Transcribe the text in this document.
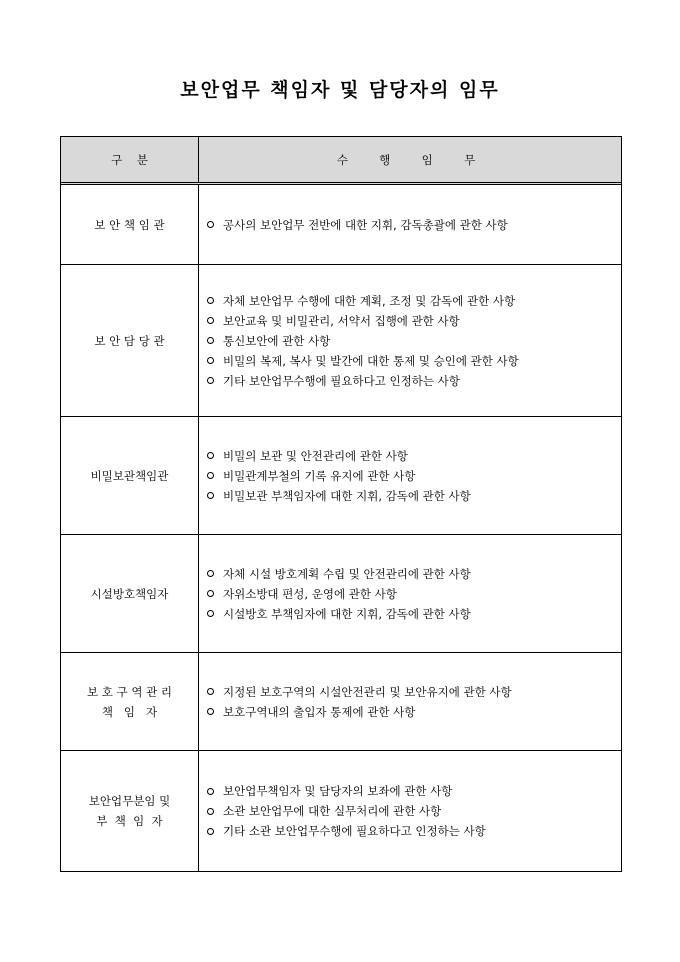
보안업무 책임자 및 담당자의 임무
구    분	수  행  임  무
보 안 책 임 관	공사의 보안업무 전반에 대한 지휘, 감독총괄에 관한 사항
보 안 담 당 관
자체 보안업무 수행에 대한 계획, 조정 및 감독에 관한 사항
보안교육 및 비밀관리, 서약서 집행에 관한 사항
통신보안에 관한 사항
비밀의 복제, 복사 및 발간에 대한 통제 및 승인에 관한 사항
기타 보안업무수행에 필요하다고 인정하는 사항
비밀보관책임관
비밀의 보관 및 안전관리에 관한 사항
비밀관계부철의 기록 유지에 관한 사항
비밀보관 부책임자에 대한 지휘, 감독에 관한 사항
시설방호책임자
자체 시설 방호계획 수립 및 안전관리에 관한 사항
자위소방대 편성, 운영에 관한 사항
시설방호 부책임자에 대한 지휘, 감독에 관한 사항
보 호 구 역 관 리
책   임   자
지정된 보호구역의 시설안전관리 및 보안유지에 관한 사항
보호구역내의 출입자 통제에 관한 사항
보안업무분임 및
부  책  임  자
보안업무책임자 및 담당자의 보좌에 관한 사항
소관 보안업무에 대한 실무처리에 관한 사항
기타 소관 보안업무수행에 필요하다고 인정하는 사항
